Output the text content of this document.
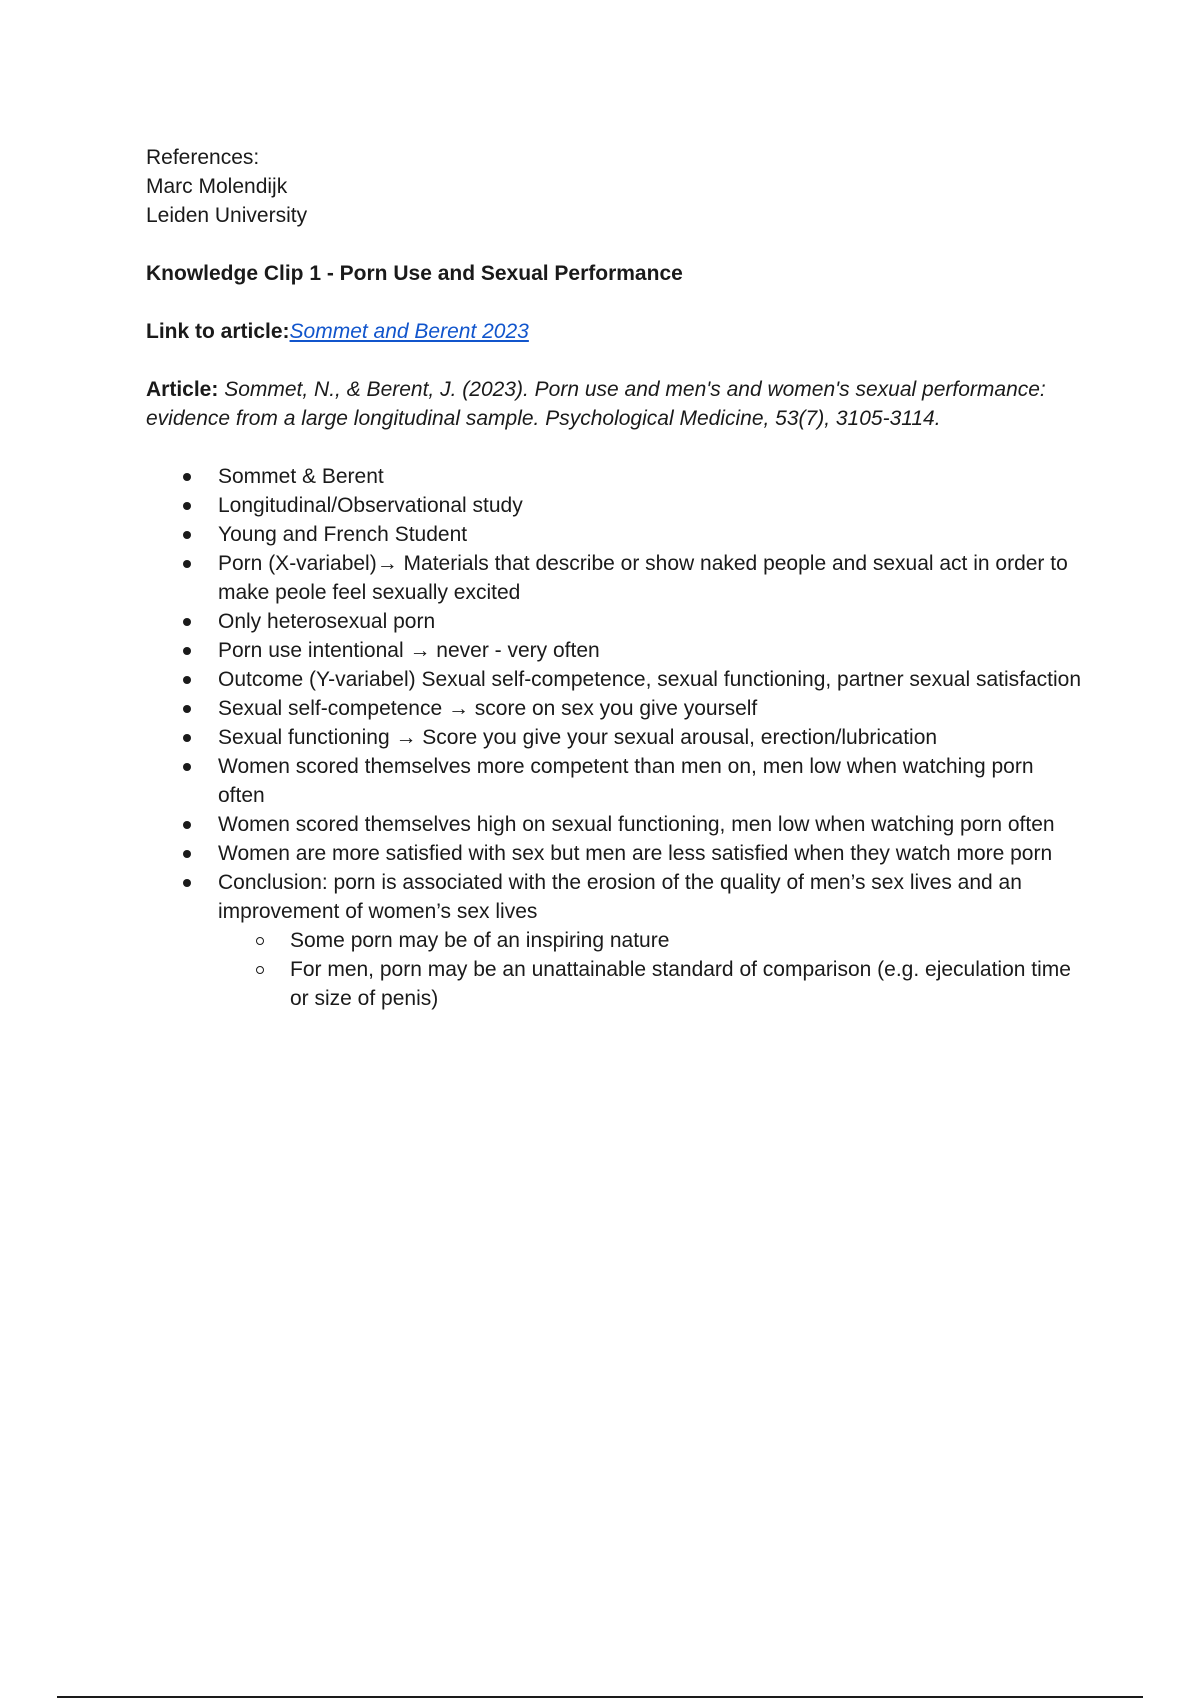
References:

Marc Molendijk

Leiden University

Knowledge Clip 1 - Porn Use and Sexual Performance

Link to article:Sommet and Berent 2023

Article: Sommet, N., & Berent, J. (2023). Porn use and men's and women's sexual performance: evidence from a large longitudinal sample. Psychological Medicine, 53(7), 3105-3114.

Sommet & Berent
Longitudinal/Observational study
Young and French Student
Porn (X-variabel)→ Materials that describe or show naked people and sexual act in order to make peole feel sexually excited
Only heterosexual porn
Porn use intentional → never - very often
Outcome (Y-variabel) Sexual self-competence, sexual functioning, partner sexual satisfaction
Sexual self-competence → score on sex you give yourself
Sexual functioning → Score you give your sexual arousal, erection/lubrication
Women scored themselves more competent than men on, men low when watching porn often
Women scored themselves high on sexual functioning, men low when watching porn often
Women are more satisfied with sex but men are less satisfied when they watch more porn
Conclusion: porn is associated with the erosion of the quality of men’s sex lives and an improvement of women’s sex lives
Some porn may be of an inspiring nature
For men, porn may be an unattainable standard of comparison (e.g. ejeculation time or size of penis)
